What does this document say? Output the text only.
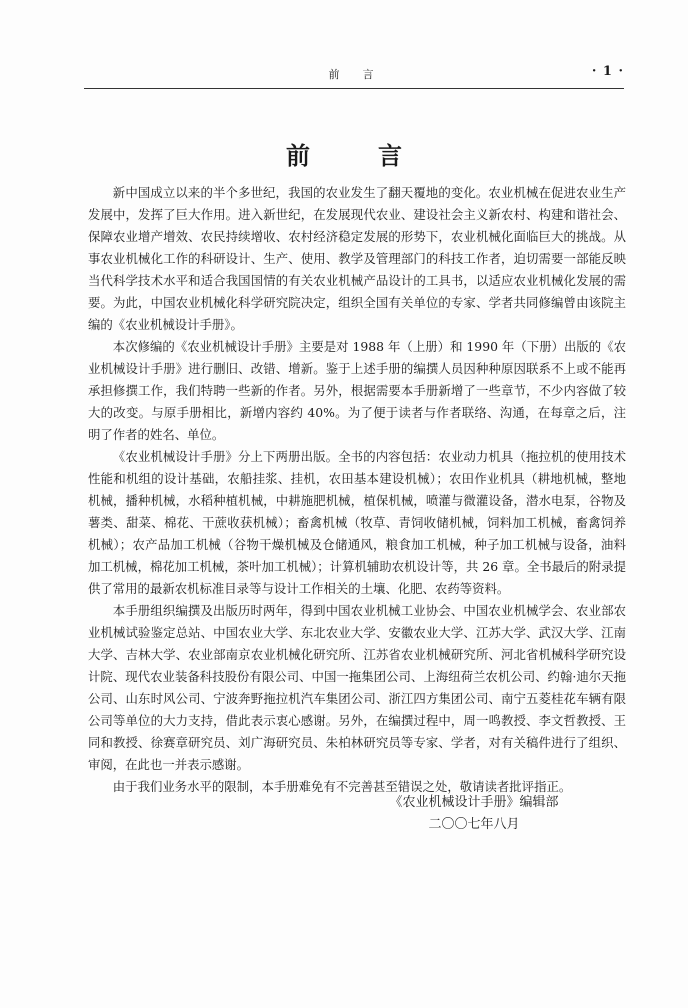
前　言	· 1 ·
前　言

新中国成立以来的半个多世纪，我国的农业发生了翻天覆地的变化。农业机械在促进农业生产发展中，发挥了巨大作用。进入新世纪，在发展现代农业、建设社会主义新农村、构建和谐社会、保障农业增产增效、农民持续增收、农村经济稳定发展的形势下，农业机械化面临巨大的挑战。从事农业机械化工作的科研设计、生产、使用、教学及管理部门的科技工作者，迫切需要一部能反映当代科学技术水平和适合我国国情的有关农业机械产品设计的工具书，以适应农业机械化发展的需要。为此，中国农业机械化科学研究院决定，组织全国有关单位的专家、学者共同修编曾由该院主编的《农业机械设计手册》。

本次修编的《农业机械设计手册》主要是对 1988 年（上册）和 1990 年（下册）出版的《农业机械设计手册》进行删旧、改错、增新。鉴于上述手册的编撰人员因种种原因联系不上或不能再承担修撰工作，我们特聘一些新的作者。另外，根据需要本手册新增了一些章节，不少内容做了较大的改变。与原手册相比，新增内容约 40%。为了便于读者与作者联络、沟通，在每章之后，注明了作者的姓名、单位。

《农业机械设计手册》分上下两册出版。全书的内容包括：农业动力机具（拖拉机的使用技术性能和机组的设计基础，农船挂浆、挂机，农田基本建设机械）；农田作业机具（耕地机械，整地机械，播种机械，水稻种植机械，中耕施肥机械，植保机械，喷灌与微灌设备，潜水电泵，谷物及薯类、甜菜、棉花、干蔗收获机械）；畜禽机械（牧草、青饲收储机械，饲料加工机械，畜禽饲养机械）；农产品加工机械（谷物干燥机械及仓储通风，粮食加工机械，种子加工机械与设备，油料加工机械，棉花加工机械，茶叶加工机械）；计算机辅助农机设计等，共 26 章。全书最后的附录提供了常用的最新农机标准目录等与设计工作相关的土壤、化肥、农药等资料。

本手册组织编撰及出版历时两年，得到中国农业机械工业协会、中国农业机械学会、农业部农业机械试验鉴定总站、中国农业大学、东北农业大学、安徽农业大学、江苏大学、武汉大学、江南大学、吉林大学、农业部南京农业机械化研究所、江苏省农业机械研究所、河北省机械科学研究设计院、现代农业装备科技股份有限公司、中国一拖集团公司、上海纽荷兰农机公司、约翰·迪尔天拖公司、山东时风公司、宁波奔野拖拉机汽车集团公司、浙江四方集团公司、南宁五菱桂花车辆有限公司等单位的大力支持，借此表示衷心感谢。另外，在编撰过程中，周一鸣教授、李文哲教授、王同和教授、徐赛章研究员、刘广海研究员、朱柏林研究员等专家、学者，对有关稿件进行了组织、审阅，在此也一并表示感谢。

由于我们业务水平的限制，本手册难免有不完善甚至错误之处，敬请读者批评指正。

《农业机械设计手册》编辑部
二〇〇七年八月
